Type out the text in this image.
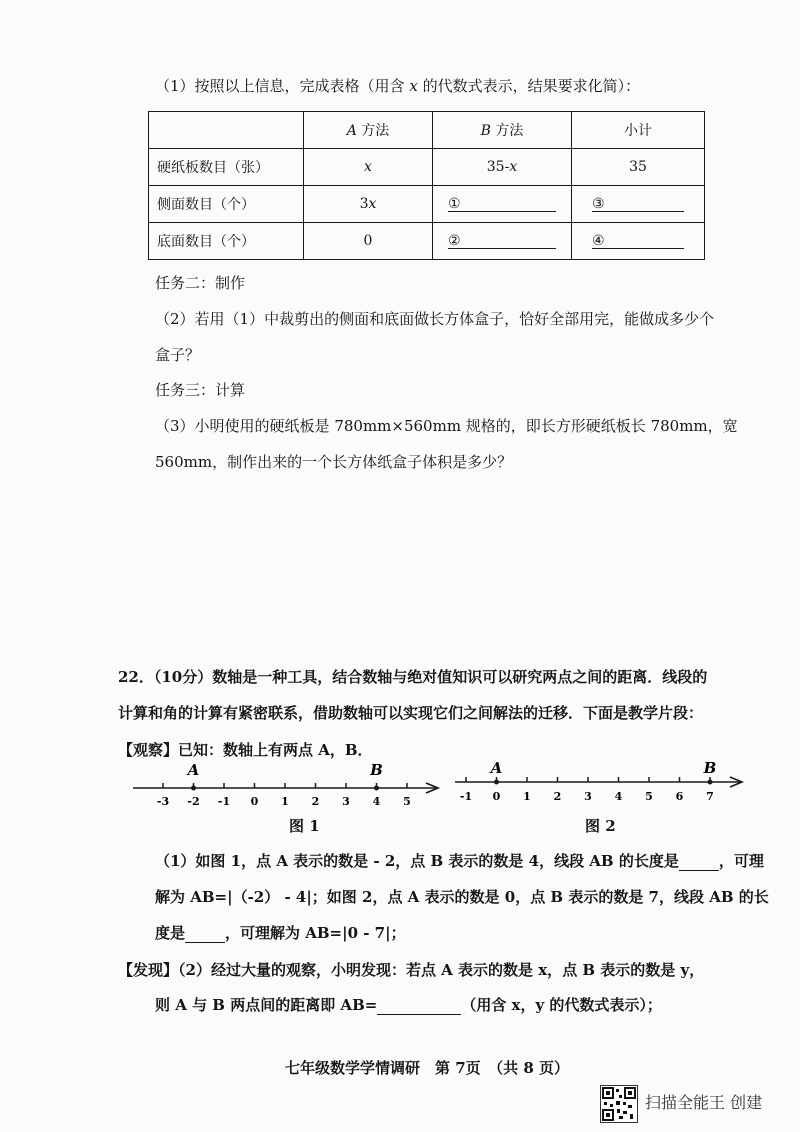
（1）按照以上信息，完成表格（用含 x 的代数式表示，结果要求化简）：
	A 方法	B 方法	小计
硬纸板数目（张）	x	35-x	35
侧面数目（个）	3x	①	③
底面数目（个）	0	②	④
任务二：制作
（2）若用（1）中裁剪出的侧面和底面做长方体盒子，恰好全部用完，能做成多少个
盒子？
任务三：计算
（3）小明使用的硬纸板是 780mm×560mm 规格的，即长方形硬纸板长 780mm，宽
560mm，制作出来的一个长方体纸盒子体积是多少？
22．（10分）数轴是一种工具，结合数轴与绝对值知识可以研究两点之间的距离．线段的
计算和角的计算有紧密联系，借助数轴可以实现它们之间解法的迁移．下面是教学片段：
【观察】已知：数轴上有两点 A，B．
-3 -2 -1 0 1 2 3 4 5
A	B
-1 0 1 2 3 4 5 6 7
A	B
图 1	图 2
（1）如图 1，点 A 表示的数是 - 2，点 B 表示的数是 4，线段 AB 的长度是	，可理
解为 AB=|（-2） - 4|；如图 2，点 A 表示的数是 0，点 B 表示的数是 7，线段 AB 的长
度是	，可理解为 AB=|0 - 7|；
【发现】（2）经过大量的观察，小明发现：若点 A 表示的数是 x，点 B 表示的数是 y，
则 A 与 B 两点间的距离即 AB=	（用含 x，y 的代数式表示）；
七年级数学学情调研　第 7页　（共 8 页）
扫描全能王 创建
